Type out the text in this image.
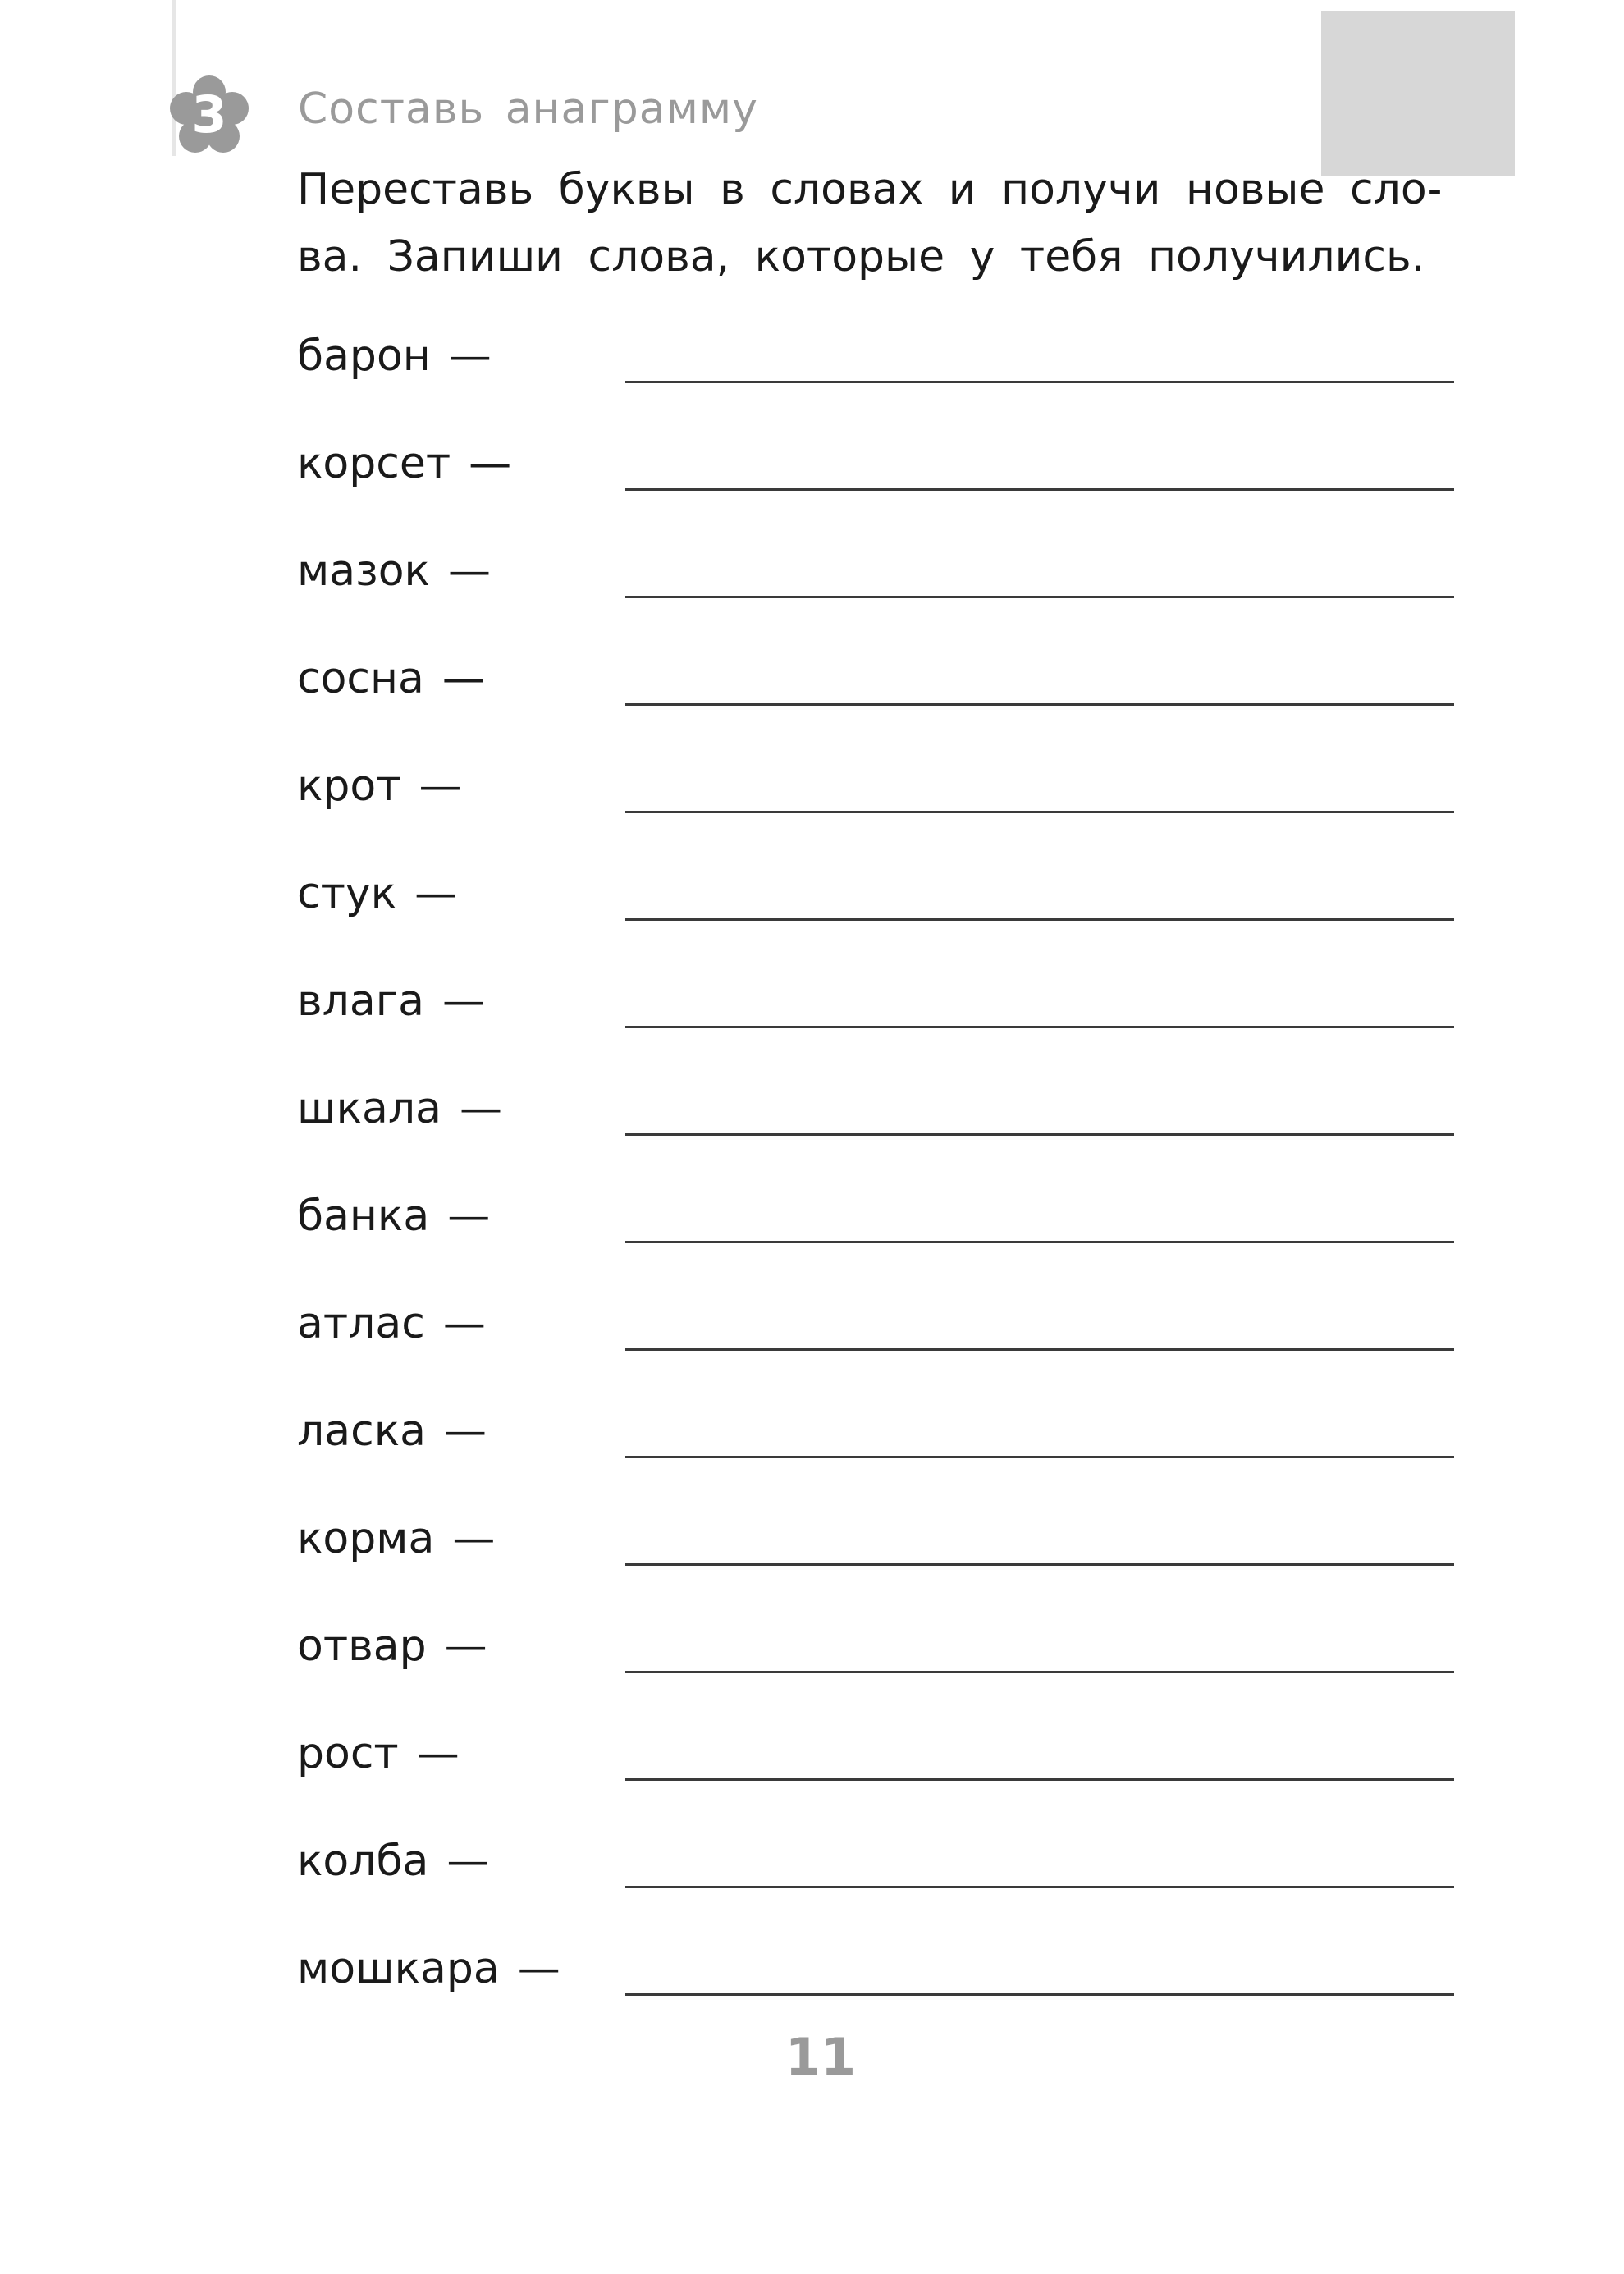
3	Составь анаграмму
Переставь буквы в словах и получи новые сло-
ва. Запиши слова, которые у тебя получились.
барон —
корсет —
мазок —
сосна —
крот —
стук —
влага —
шкала —
банка —
атлас —
ласка —
корма —
отвар —
рост —
колба —
мошкара —
11
